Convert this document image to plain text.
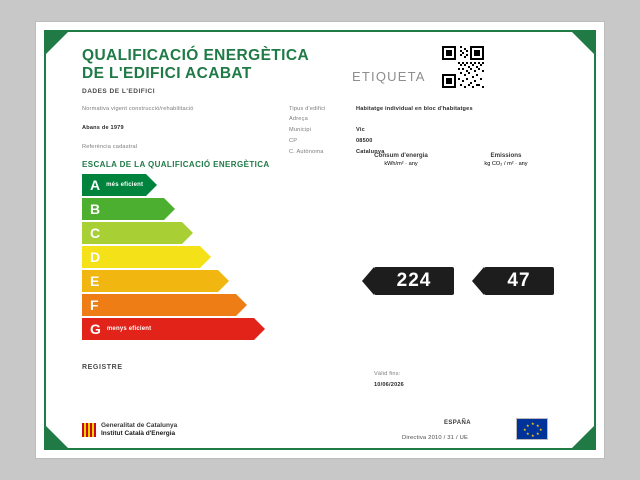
QUALIFICACIÓ ENERGÈTICA
DE L'EDIFICI ACABAT	ETIQUETA
DADES DE L'EDIFICI
Normativa vigent construcció/rehabilitació
Abans de 1979
Referència cadastral
Tipus d'edifici	Habitatge individual en bloc d'habitatges
Adreça
Municipi	Vic
CP	08500
C. Autònoma	Catalunya
ESCALA DE LA QUALIFICACIÓ ENERGÈTICA
Consum d'energia
kWh/m² · any
Emissions
kg CO₂ / m² · any
A més eficient
B
C
D
E
F
G menys eficient
224	47
REGISTRE
Vàlid fins:
10/06/2026
Generalitat de Catalunya
Institut Català d'Energia
ESPAÑA
Directiva 2010 / 31 / UE
★ ★
★
★
★
★
★
★
